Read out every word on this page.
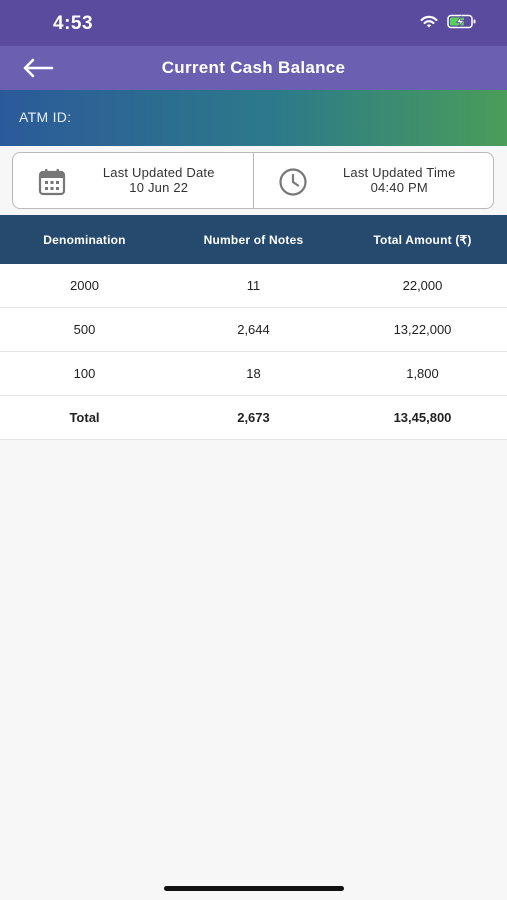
4:53
Current Cash Balance
ATM ID:
Last Updated Date
10 Jun 22
Last Updated Time
04:40 PM
Denomination	Number of Notes	Total Amount (₹)
2000	11	22,000
500	2,644	13,22,000
100	18	1,800
Total	2,673	13,45,800
